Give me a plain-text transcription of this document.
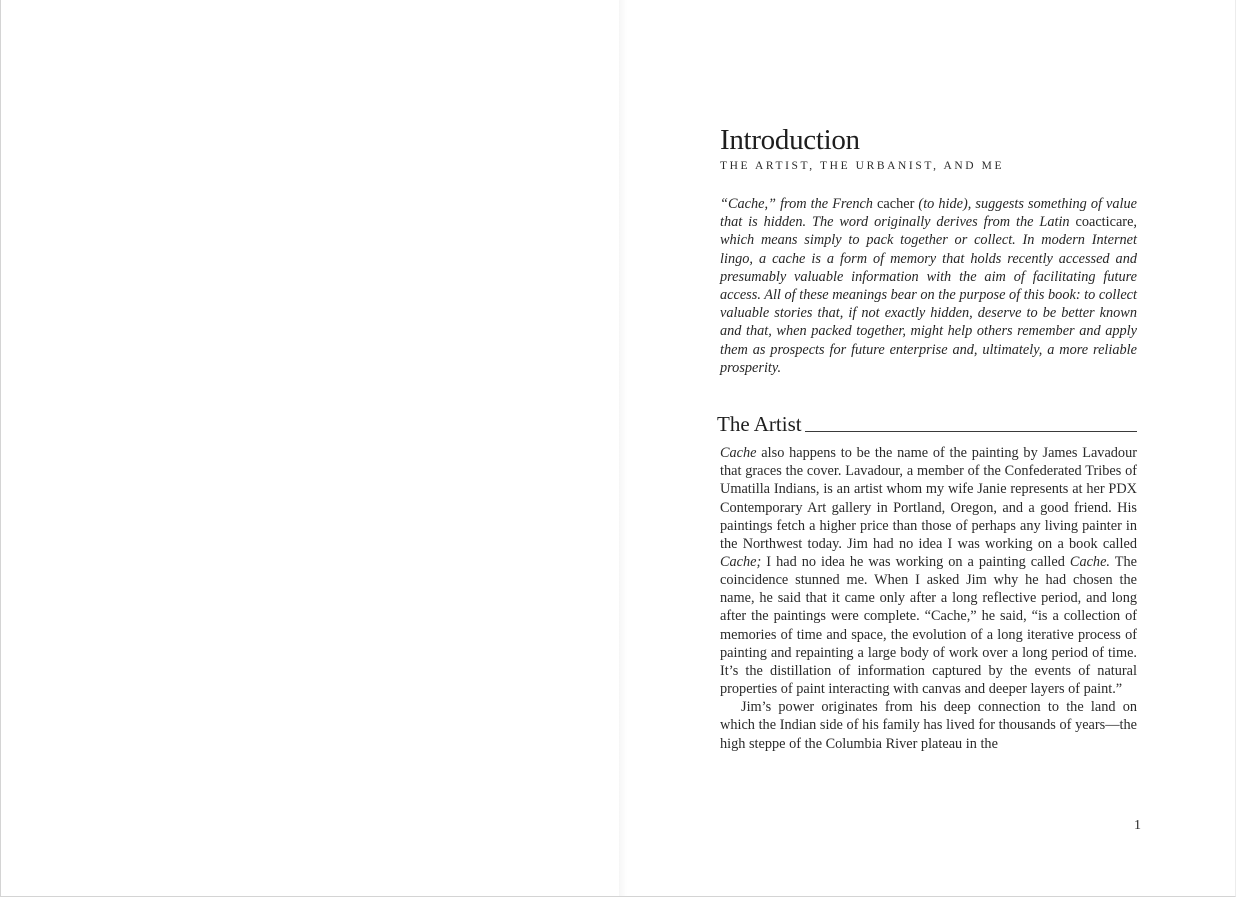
Introduction
THE ARTIST, THE URBANIST, AND ME
“Cache,” from the French cacher (to hide), suggests something of value that is hidden. The word originally derives from the Latin coacticare, which means simply to pack together or collect. In modern Internet lingo, a cache is a form of memory that holds recently accessed and presumably valuable information with the aim of facilitating future access. All of these meanings bear on the purpose of this book: to collect valuable stories that, if not exactly hidden, deserve to be better known and that, when packed together, might help others remember and apply them as prospects for future enterprise and, ultimately, a more reliable prosperity.
The Artist

Cache also happens to be the name of the painting by James Lavadour that graces the cover. Lavadour, a member of the Confederated Tribes of Umatilla Indians, is an artist whom my wife Janie represents at her PDX Contemporary Art gallery in Portland, Oregon, and a good friend. His paintings fetch a higher price than those of perhaps any living painter in the Northwest today. Jim had no idea I was working on a book called Cache; I had no idea he was working on a painting called Cache. The coincidence stunned me. When I asked Jim why he had chosen the name, he said that it came only after a long reflective period, and long after the paintings were complete. “Cache,” he said, “is a collection of memories of time and space, the evolution of a long iterative process of painting and repainting a large body of work over a long period of time. It’s the distillation of information captured by the events of natural properties of paint interacting with canvas and deeper layers of paint.”

Jim’s power originates from his deep connection to the land on which the Indian side of his family has lived for thousands of years—the high steppe of the Columbia River plateau in the

1
